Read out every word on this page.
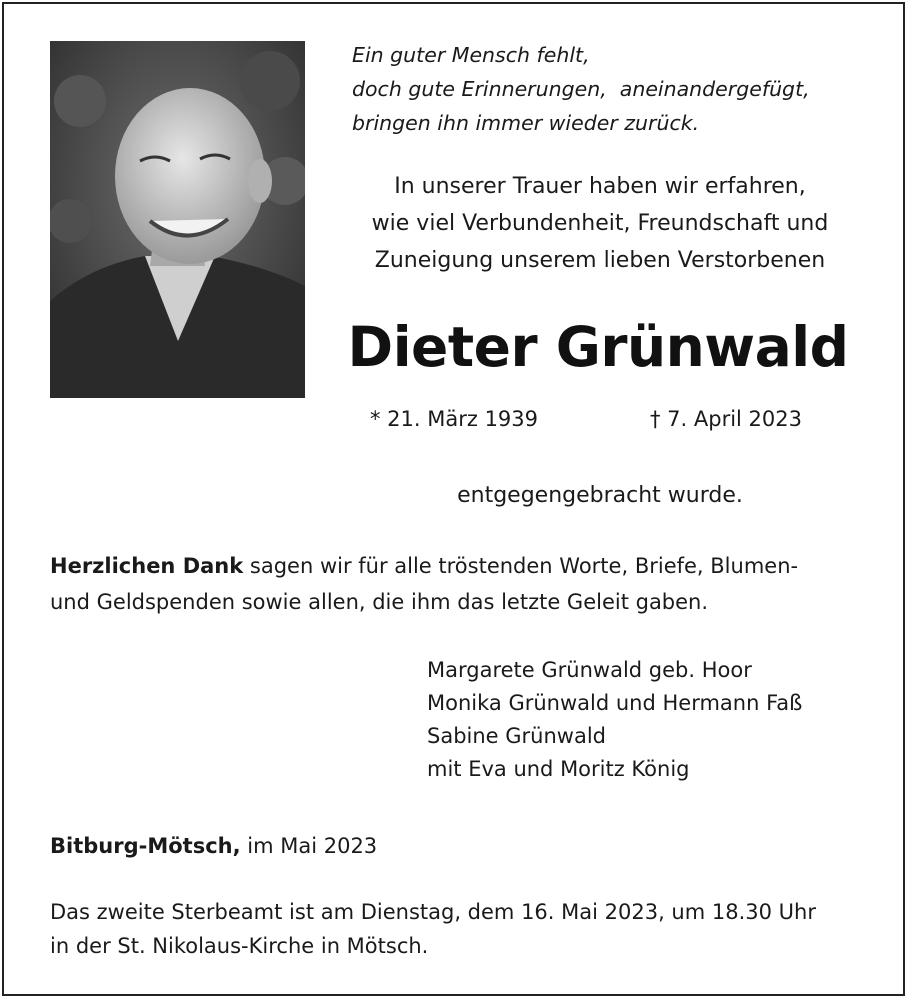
Ein guter Mensch fehlt,
doch gute Erinnerungen,  aneinandergefügt,
bringen ihn immer wieder zurück.
In unserer Trauer haben wir erfahren,
wie viel Verbundenheit, Freundschaft und
Zuneigung unserem lieben Verstorbenen
Dieter Grünwald
* 21. März 1939	† 7. April 2023
entgegengebracht wurde.
Herzlichen Dank sagen wir für alle tröstenden Worte, Briefe, Blumen-
und Geldspenden sowie allen, die ihm das letzte Geleit gaben.
Margarete Grünwald geb. Hoor
Monika Grünwald und Hermann Faß
Sabine Grünwald
mit Eva und Moritz König
Bitburg-Mötsch, im Mai 2023
Das zweite Sterbeamt ist am Dienstag, dem 16. Mai 2023, um 18.30 Uhr
in der St. Nikolaus-Kirche in Mötsch.
